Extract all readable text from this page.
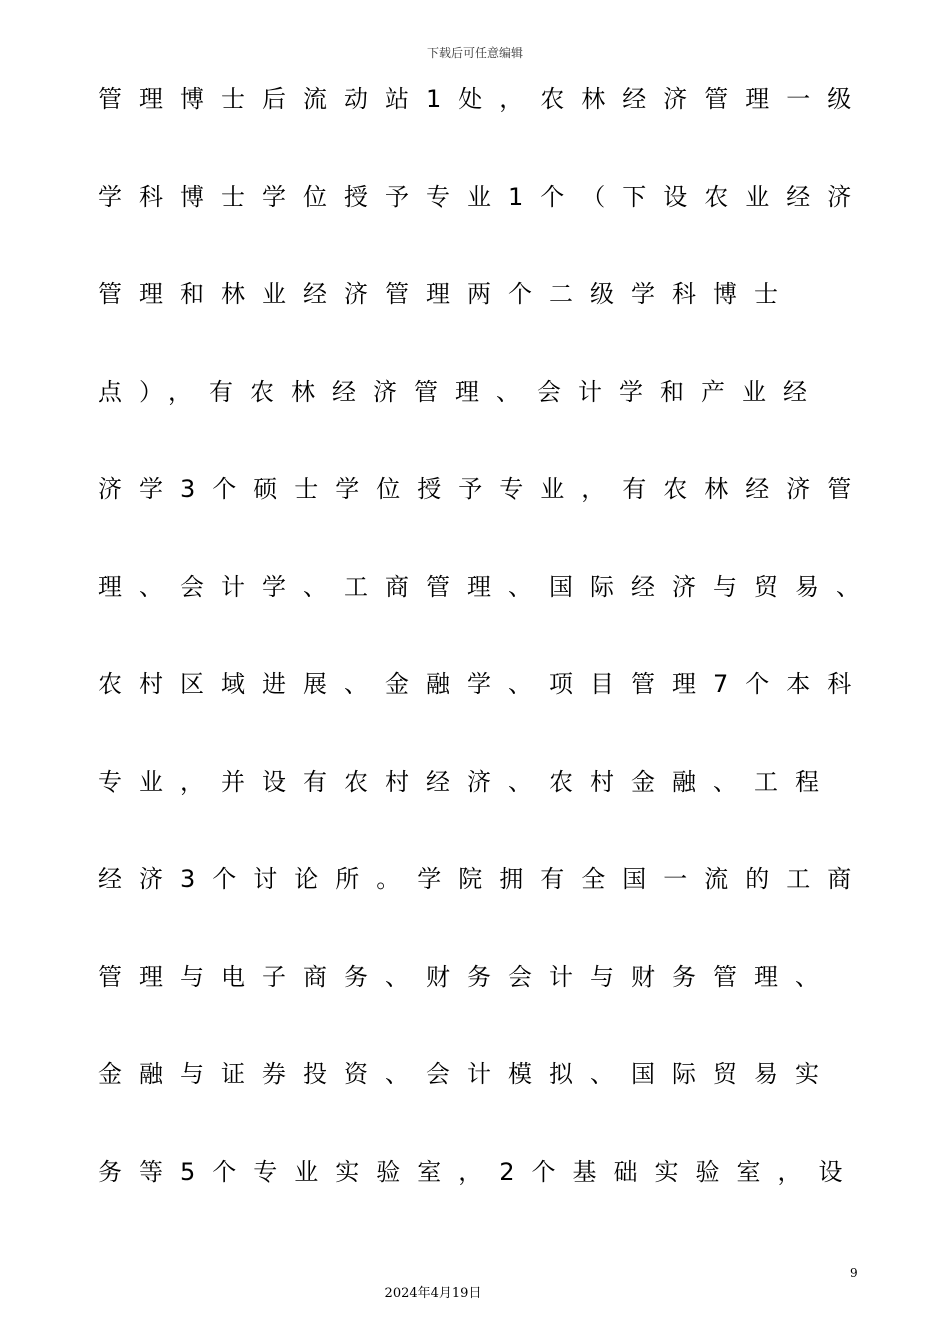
下载后可任意编辑
管理博士后流动站1处，农林经济管理一级
学科博士学位授予专业1个（下设农业经济
管理和林业经济管理两个二级学科博士
点），有农林经济管理、会计学和产业经
济学3个硕士学位授予专业，有农林经济管
理、会计学、工商管理、国际经济与贸易、
农村区域进展、金融学、项目管理7个本科
专业，并设有农村经济、农村金融、工程
经济3个讨论所。学院拥有全国一流的工商
管理与电子商务、财务会计与财务管理、
金融与证券投资、会计模拟、国际贸易实
务等5个专业实验室，2个基础实验室，设
9
2024年4月19日
